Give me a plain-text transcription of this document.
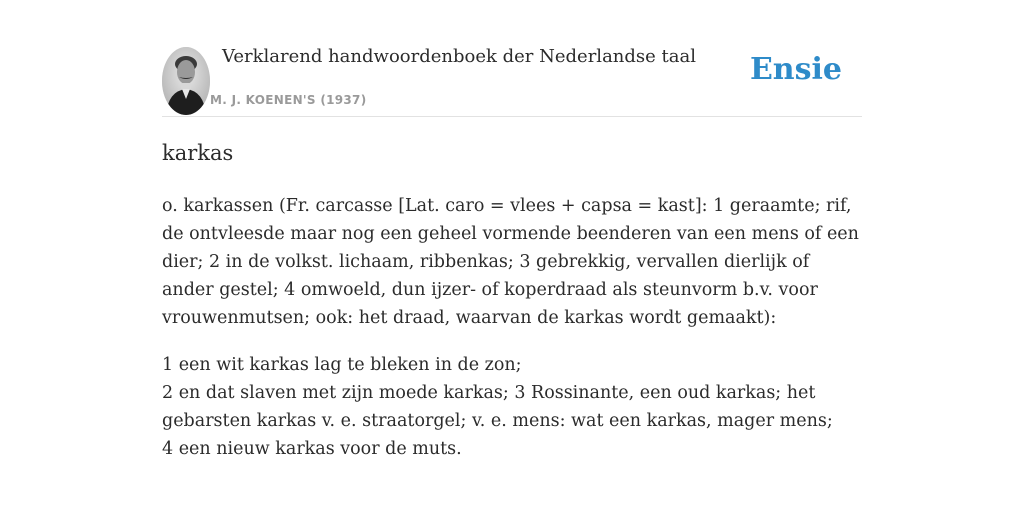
Verklarend handwoordenboek der Nederlandse taal
M. J. KOENEN'S (1937)
Ensie
karkas
o. karkassen (Fr. carcasse [Lat. caro = vlees + capsa = kast]: 1 geraamte; rif, de ontvleesde maar nog een geheel vormende beenderen van een mens of een dier; 2 in de volkst. lichaam, ribbenkas; 3 gebrekkig, vervallen dierlijk of ander gestel; 4 omwoeld, dun ijzer- of koperdraad als steunvorm b.v. voor vrouwenmutsen; ook: het draad, waarvan de karkas wordt gemaakt):
1 een wit karkas lag te bleken in de zon;
2 en dat slaven met zijn moede karkas; 3 Rossinante, een oud karkas; het gebarsten karkas v. e. straatorgel; v. e. mens: wat een karkas, mager mens;
4 een nieuw karkas voor de muts.
